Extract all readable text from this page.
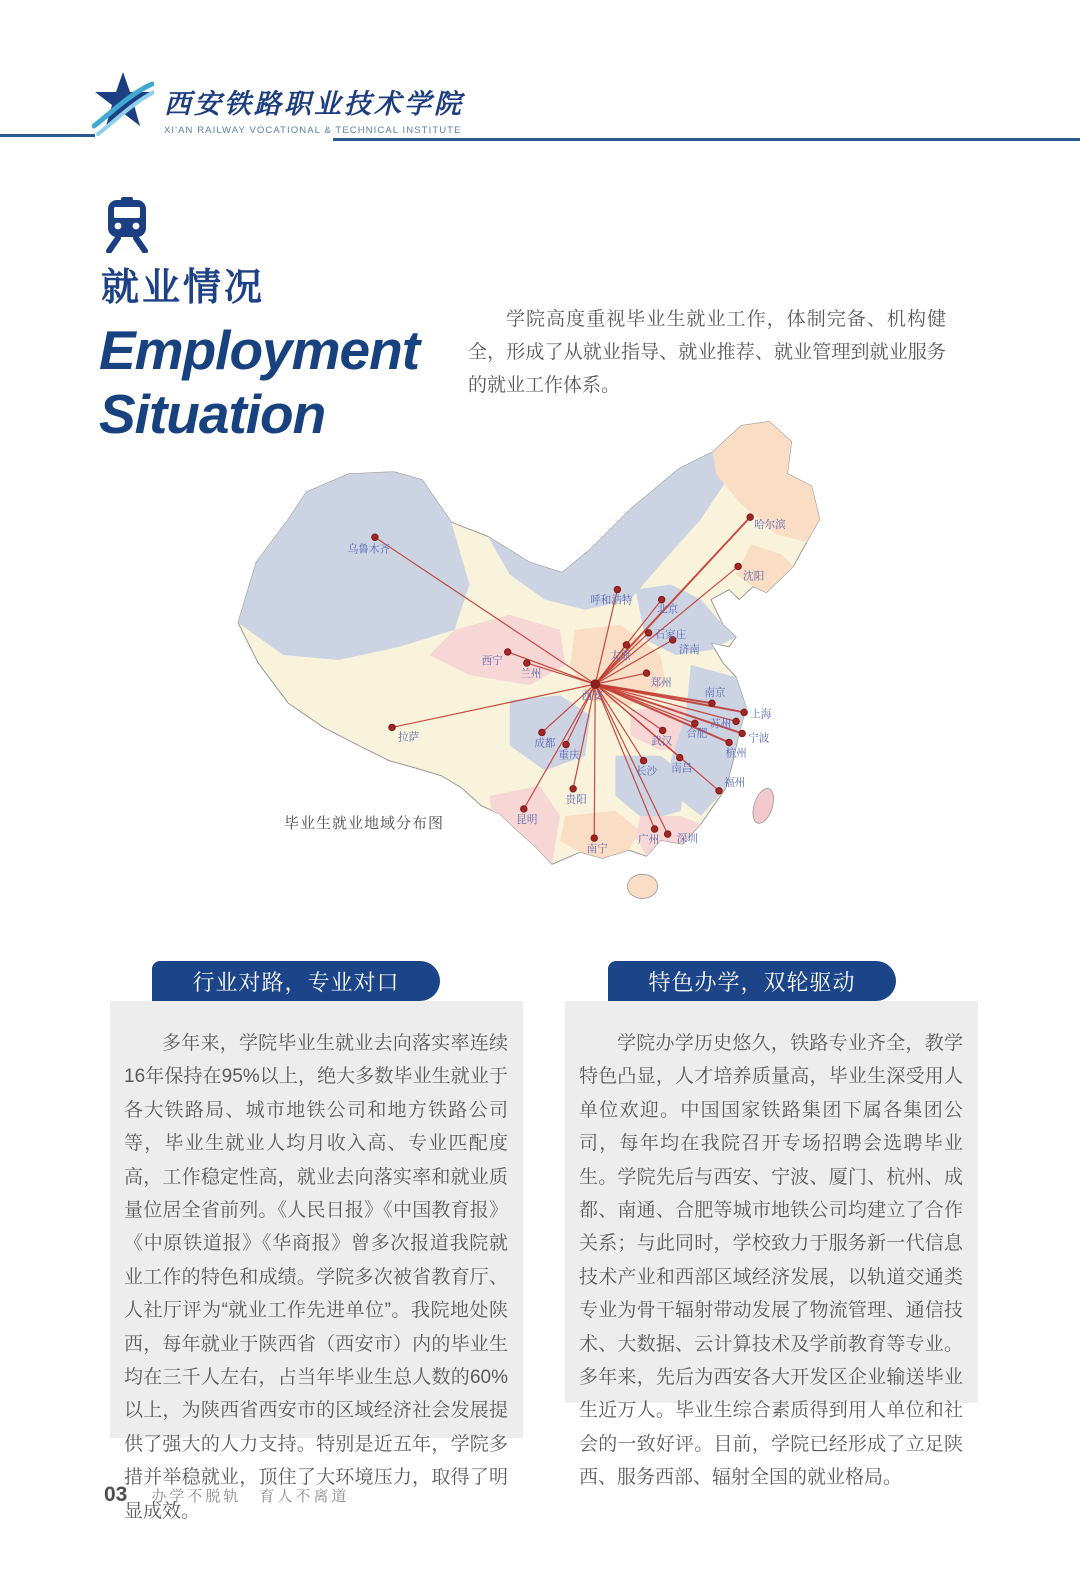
西安铁路职业技术学院
XI'AN RAILWAY VOCATIONAL & TECHNICAL INSTITUTE
就业情况
Employment
Situation

学院高度重视毕业生就业工作，体制完备、机构健全，形成了从就业指导、就业推荐、就业管理到就业服务的就业工作体系。

乌鲁木齐
哈尔滨
沈阳
呼和浩特
北京
石家庄
太原
济南
西宁
兰州
郑州
南京
上海
苏州
合肥	宁波
杭州
武汉
拉萨
成都
重庆
长沙 南昌
福州
贵阳
昆明
南宁
广州 深圳
西安
毕业生就业地域分布图
行业对路，专业对口

多年来，学院毕业生就业去向落实率连续16年保持在95%以上，绝大多数毕业生就业于各大铁路局、城市地铁公司和地方铁路公司等，毕业生就业人均月收入高、专业匹配度高，工作稳定性高，就业去向落实率和就业质量位居全省前列。《人民日报》《中国教育报》《中原铁道报》《华商报》曾多次报道我院就业工作的特色和成绩。学院多次被省教育厅、人社厅评为“就业工作先进单位”。我院地处陕西，每年就业于陕西省（西安市）内的毕业生均在三千人左右，占当年毕业生总人数的60%以上，为陕西省西安市的区域经济社会发展提供了强大的人力支持。特别是近五年，学院多措并举稳就业，顶住了大环境压力，取得了明显成效。

特色办学，双轮驱动

学院办学历史悠久，铁路专业齐全，教学特色凸显，人才培养质量高，毕业生深受用人单位欢迎。中国国家铁路集团下属各集团公司，每年均在我院召开专场招聘会选聘毕业生。学院先后与西安、宁波、厦门、杭州、成都、南通、合肥等城市地铁公司均建立了合作关系；与此同时，学校致力于服务新一代信息技术产业和西部区域经济发展，以轨道交通类专业为骨干辐射带动发展了物流管理、通信技术、大数据、云计算技术及学前教育等专业。多年来，先后为西安各大开发区企业输送毕业生近万人。毕业生综合素质得到用人单位和社会的一致好评。目前，学院已经形成了立足陕西、服务西部、辐射全国的就业格局。

03 办学不脱轨　育人不离道
